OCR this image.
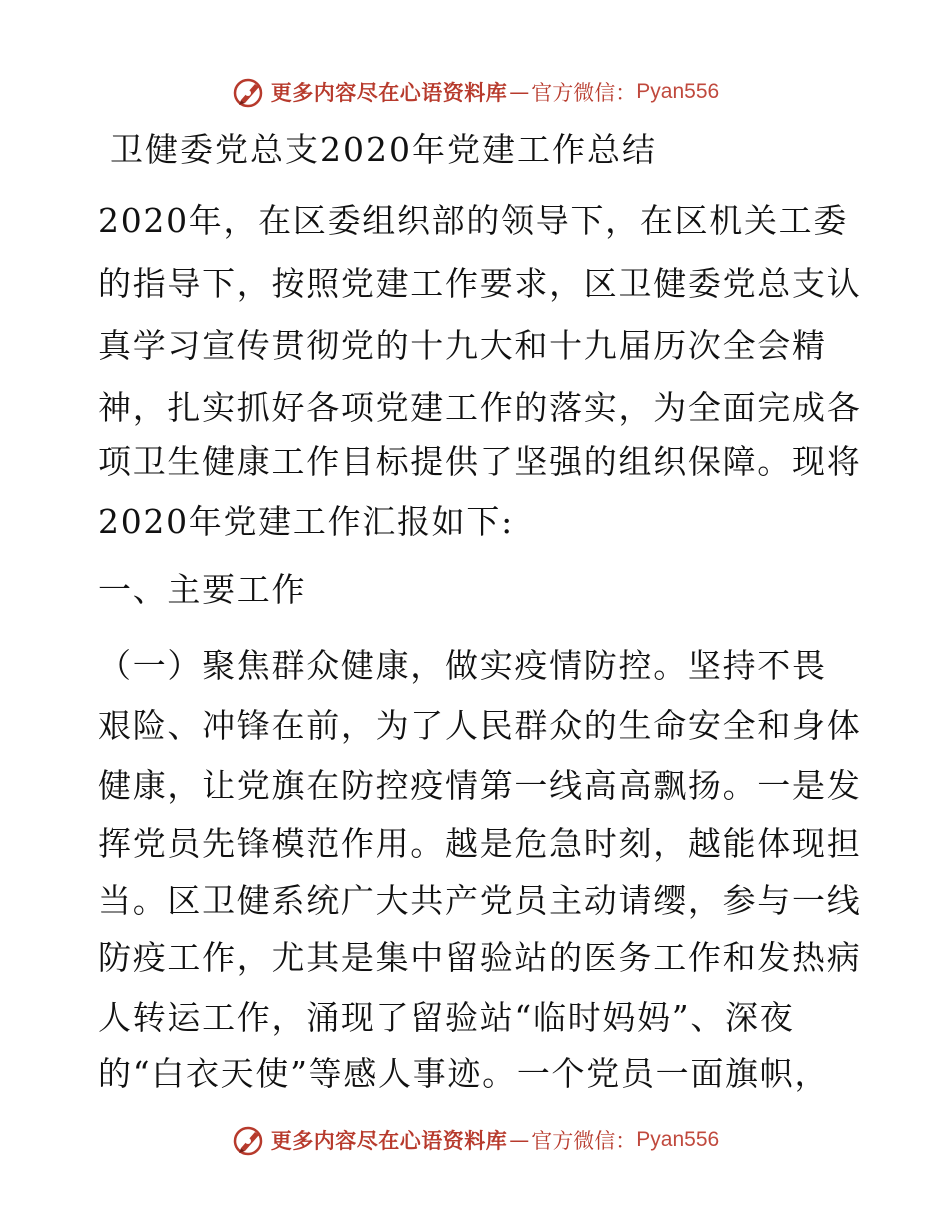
更多内容尽在心语资料库 — 官方微信： Pyan556
卫健委党总支2020年党建工作总结
2020年，在区委组织部的领导下，在区机关工委
的指导下，按照党建工作要求，区卫健委党总支认
真学习宣传贯彻党的十九大和十九届历次全会精
神，扎实抓好各项党建工作的落实，为全面完成各
项卫生健康工作目标提供了坚强的组织保障。现将
2020年党建工作汇报如下:
一、主要工作
（一）聚焦群众健康，做实疫情防控。坚持不畏
艰险、冲锋在前，为了人民群众的生命安全和身体
健康，让党旗在防控疫情第一线高高飘扬。一是发
挥党员先锋模范作用。越是危急时刻，越能体现担
当。区卫健系统广大共产党员主动请缨，参与一线
防疫工作，尤其是集中留验站的医务工作和发热病
人转运工作，涌现了留验站“临时妈妈”、深夜
的“白衣天使”等感人事迹。一个党员一面旗帜，
更多内容尽在心语资料库 — 官方微信： Pyan556
